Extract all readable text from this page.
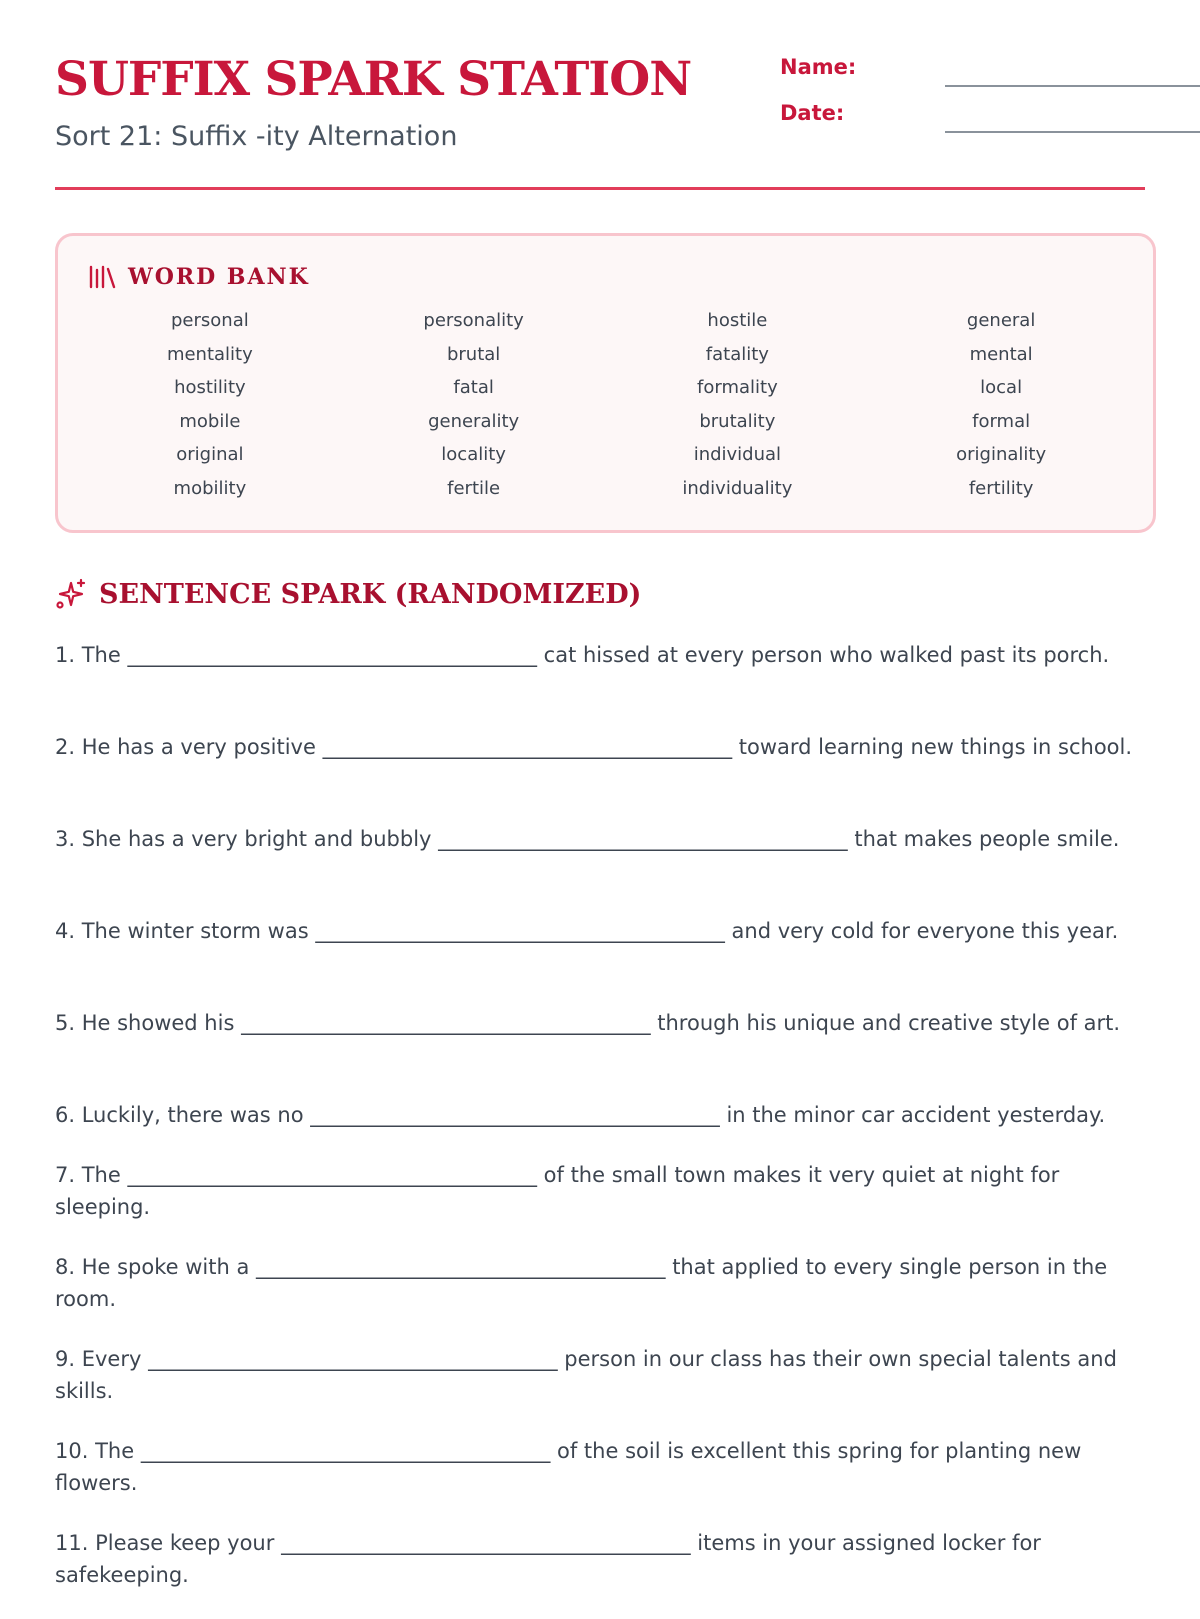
SUFFIX SPARK STATION
Sort 21: Suffix -ity Alternation
Name:
Date:
WORD BANK
personal	personality	hostile	general
mentality	brutal	fatality	mental
hostility	fatal	formality	local
mobile	generality	brutality	formal
original	locality	individual	originality
mobility	fertile	individuality	fertility
SENTENCE SPARK (RANDOMIZED)
1. The _______________________________________ cat hissed at every person who walked past its porch.
2. He has a very positive _______________________________________ toward learning new things in school.
3. She has a very bright and bubbly _______________________________________ that makes people smile.
4. The winter storm was _______________________________________ and very cold for everyone this year.
5. He showed his _______________________________________ through his unique and creative style of art.
6. Luckily, there was no _______________________________________ in the minor car accident yesterday.
7. The _______________________________________ of the small town makes it very quiet at night for sleeping.
8. He spoke with a _______________________________________ that applied to every single person in the room.
9. Every _______________________________________ person in our class has their own special talents and skills.
10. The _______________________________________ of the soil is excellent this spring for planting new flowers.
11. Please keep your _______________________________________ items in your assigned locker for safekeeping.
